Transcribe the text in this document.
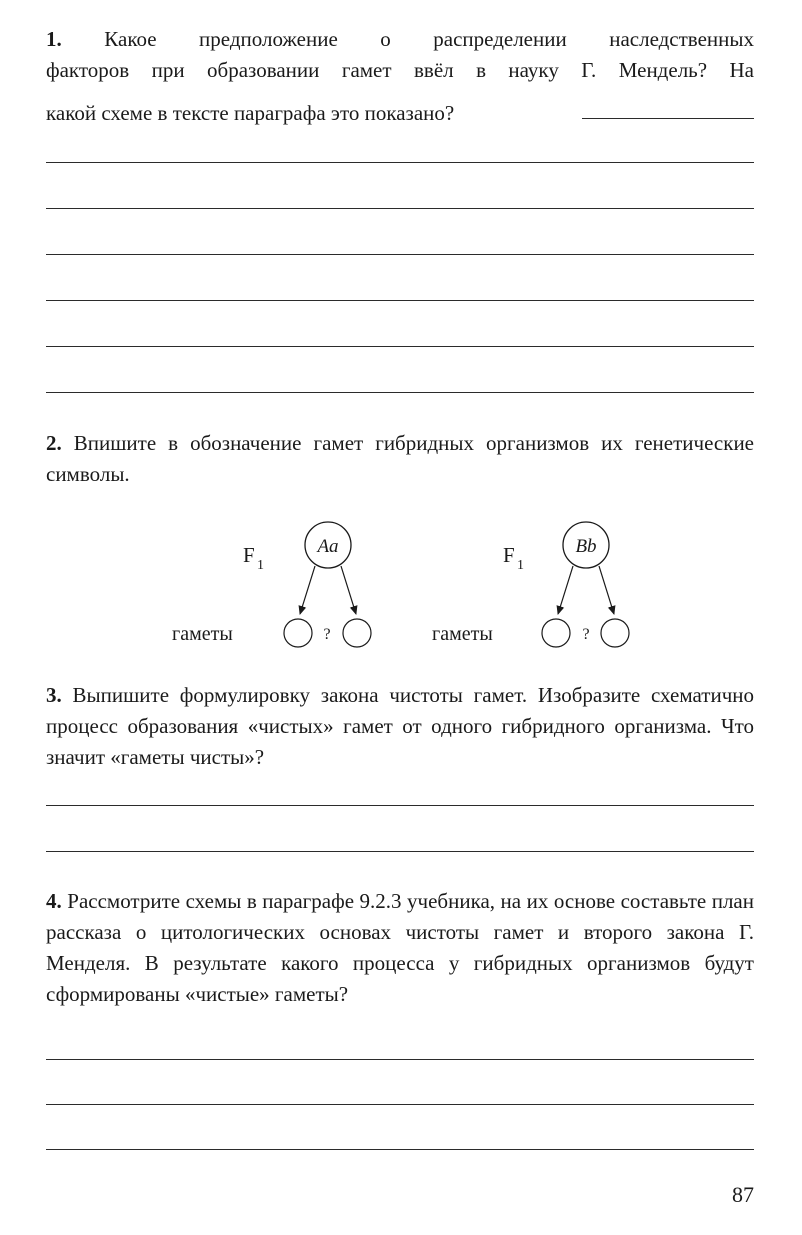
1. Какое предположение о распределении наследственных
факторов при образовании гамет ввёл в науку Г. Мендель? На
какой схеме в тексте параграфа это показано?
2. Впишите в обозначение гамет гибридных организмов их генетические символы.
F 1
Aa
?
гаметы
F 1
Bb
?
гаметы
3. Выпишите формулировку закона чистоты гамет. Изобразите схематично процесс образования «чистых» гамет от одного гибридного организма. Что значит «гаметы чисты»?
4. Рассмотрите схемы в параграфе 9.2.3 учебника, на их основе составьте план рассказа о цитологических основах чистоты гамет и второго закона Г. Менделя. В результате какого процесса у гибридных организмов будут сформированы «чистые» гаметы?
87
